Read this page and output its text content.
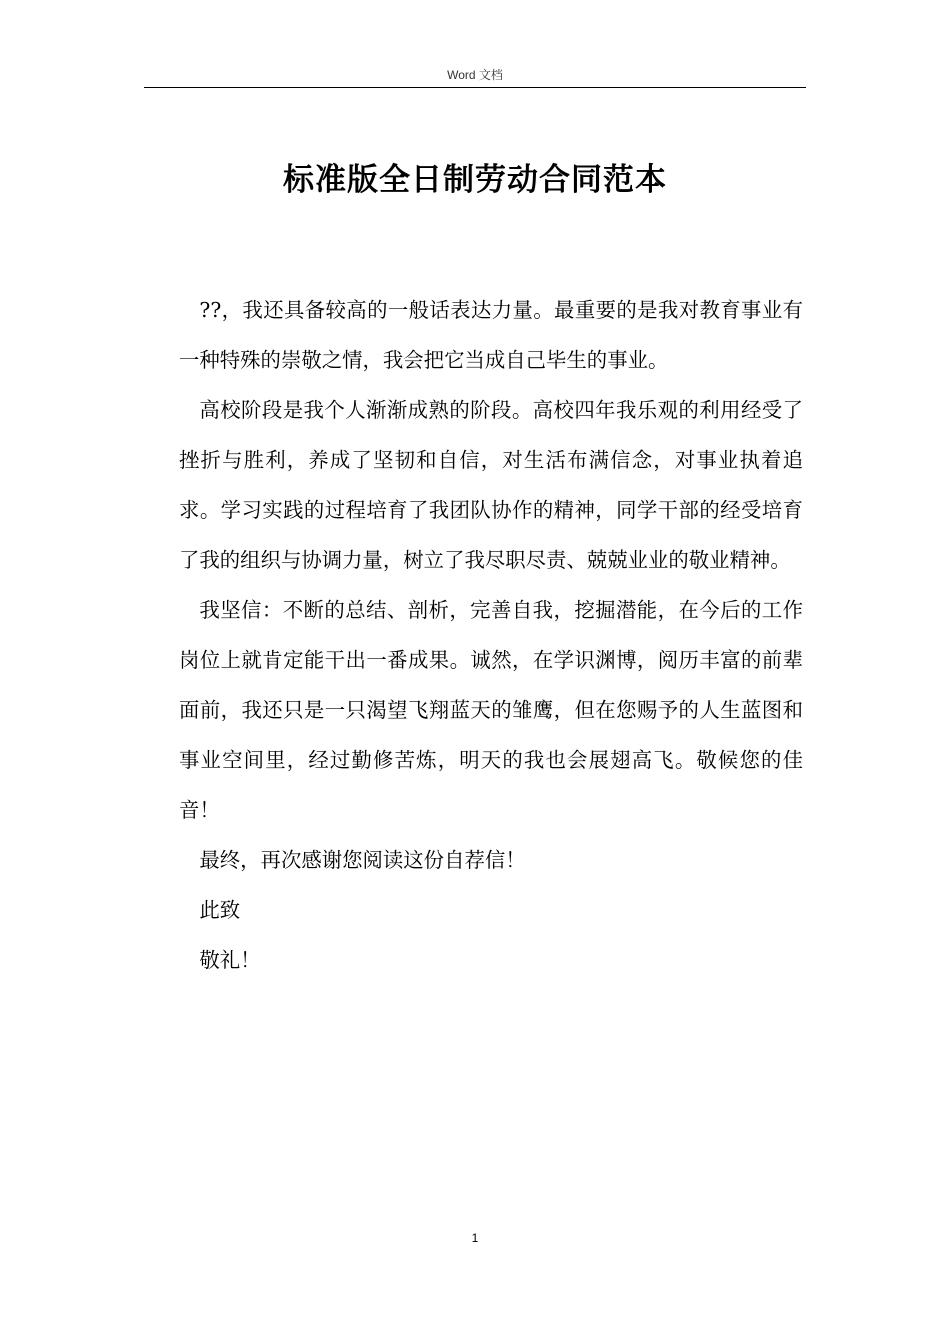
Word 文档
标准版全日制劳动合同范本

??，我还具备较高的一般话表达力量。最重要的是我对教育事业有一种特殊的崇敬之情，我会把它当成自己毕生的事业。

高校阶段是我个人渐渐成熟的阶段。高校四年我乐观的利用经受了挫折与胜利，养成了坚韧和自信，对生活布满信念，对事业执着追求。学习实践的过程培育了我团队协作的精神，同学干部的经受培育了我的组织与协调力量，树立了我尽职尽责、兢兢业业的敬业精神。

我坚信：不断的总结、剖析，完善自我，挖掘潜能，在今后的工作岗位上就肯定能干出一番成果。诚然，在学识渊博，阅历丰富的前辈面前，我还只是一只渴望飞翔蓝天的雏鹰，但在您赐予的人生蓝图和事业空间里，经过勤修苦炼，明天的我也会展翅高飞。敬候您的佳音！

最终，再次感谢您阅读这份自荐信！

此致

敬礼！

1
